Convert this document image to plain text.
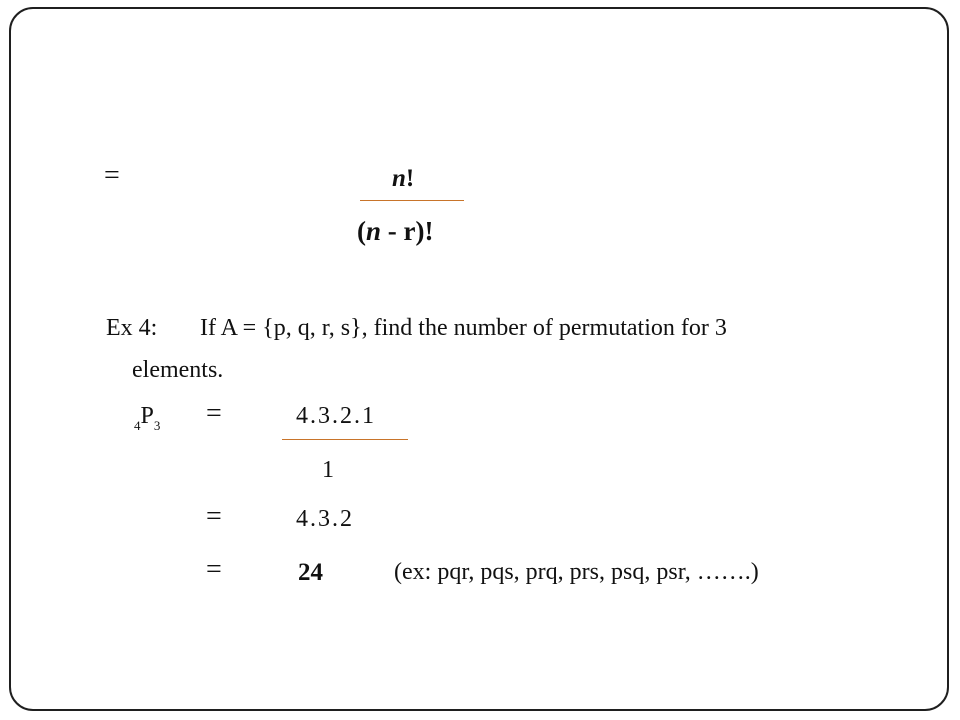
=	n!
(n - r)!
Ex 4: If A = {p, q, r, s}, find the number of permutation for 3
elements.
$_4P_3$ =	4.3.2.1
1
=	4.3.2
=	24	(ex: pqr, pqs, prq, prs, psq, psr, …….)
